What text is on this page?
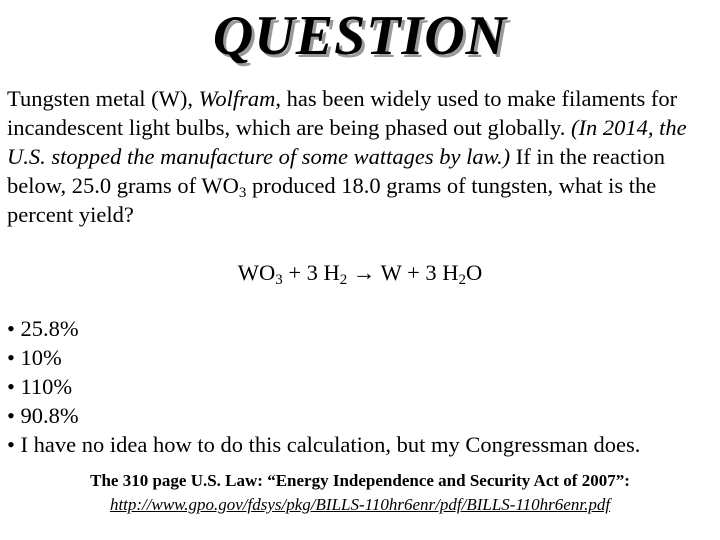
QUESTION

Tungsten metal (W), Wolfram, has been widely used to make filaments for incandescent light bulbs, which are being phased out globally. (In 2014, the U.S. stopped the manufacture of some wattages by law.) If in the reaction below, 25.0 grams of $WO_3$ produced 18.0 grams of tungsten, what is the percent yield?

$WO_3 + 3$ $H_2 \to W + 3$ $H_2O$
• 25.8%
• 10%
• 110%
• 90.8%
• I have no idea how to do this calculation, but my Congressman does.
The 310 page U.S. Law: “Energy Independence and Security Act of 2007”:
http://www.gpo.gov/fdsys/pkg/BILLS-110hr6enr/pdf/BILLS-110hr6enr.pdf
